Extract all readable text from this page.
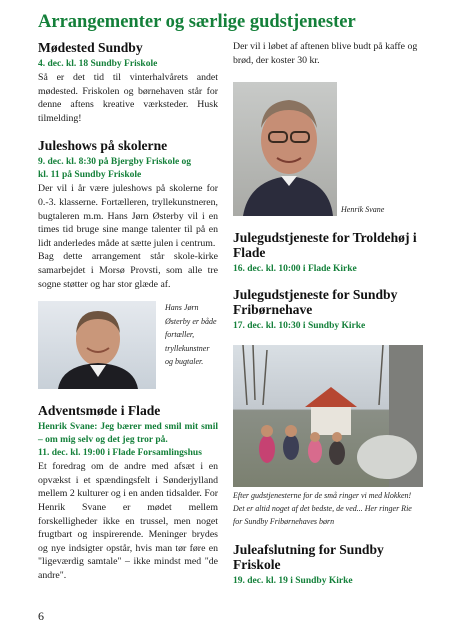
Arrangementer og særlige gudstjenester
Mødested Sundby
4. dec. kl. 18 Sundby Friskole
Så er det tid til vinterhalvårets andet mødested. Friskolen og børnehaven står for denne aftens kreative værksteder. Husk tilmelding!
Juleshows på skolerne
9. dec. kl. 8:30 på Bjergby Friskole og
kl. 11 på Sundby Friskole
Der vil i år være juleshows på skolerne for 0.-3. klasserne. Fortælleren, tryllekunstneren, bugtaleren m.m. Hans Jørn Østerby vil i en times tid bruge sine mange talenter til på en lidt anderledes måde at sætte julen i centrum.
Bag dette arrangement står skole-kirke samarbejdet i Morsø Provsti, som alle tre sogne støtter og har stor glæde af.
Hans Jørn Østerby er både fortæller, tryllekunstner og bugtaler.
Adventsmøde i Flade
Henrik Svane: Jeg bærer med smil mit smil – om mig selv og det jeg tror på.
11. dec. kl. 19:00 i Flade Forsamlingshus
Et foredrag om de andre med afsæt i en opvækst i et spændingsfelt i Sønderjylland mellem 2 kulturer og i en anden tidsalder. For Henrik Svane er mødet mellem forskelligheder ikke en trussel, men noget frugtbart og inspirerende. Meninger brydes og nye indsigter opstår, hvis man tør føre en "ligeværdig samtale" – ikke mindst med "de andre".
Der vil i løbet af aftenen blive budt på kaffe og brød, der koster 30 kr.
Henrik Svane
Julegudstjeneste for Troldehøj i Flade
16. dec. kl. 10:00 i Flade Kirke
Julegudstjeneste for Sundby Fribørnehave
17. dec. kl. 10:30 i Sundby Kirke
Efter gudstjenesterne for de små ringer vi med klokken! Det er altid noget af det bedste, de ved... Her ringer Rie for Sundby Fribørnehaves børn
Juleafslutning for Sundby Friskole
19. dec. kl. 19 i Sundby Kirke
6
